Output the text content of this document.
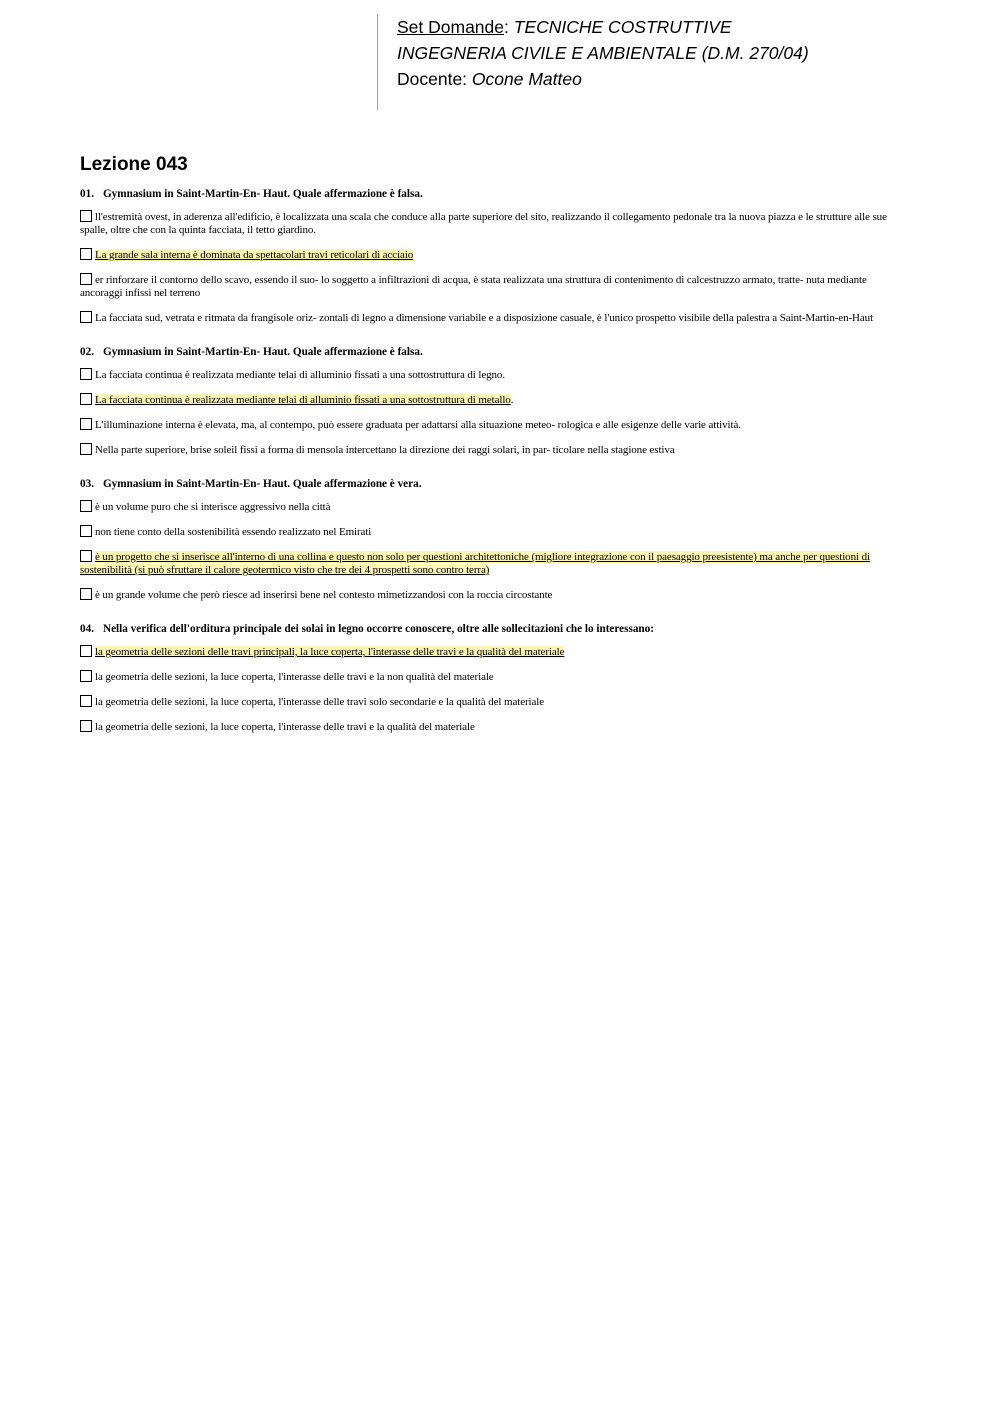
Set Domande: TECNICHE COSTRUTTIVE
INGEGNERIA CIVILE E AMBIENTALE (D.M. 270/04)
Docente: Ocone Matteo
Lezione 043
01. Gymnasium in Saint-Martin-En- Haut. Quale affermazione è falsa.
ll'estremità ovest, in aderenza all'edificio, è localizzata una scala che conduce alla parte superiore del sito, realizzando il collegamento pedonale tra la nuova piazza e le strutture alle sue spalle, oltre che con la quinta facciata, il tetto giardino.
La grande sala interna è dominata da spettacolari travi reticolari di acciaio
er rinforzare il contorno dello scavo, essendo il suo- lo soggetto a infiltrazioni di acqua, è stata realizzata una struttura di contenimento di calcestruzzo armato, tratte- nuta mediante ancoraggi infissi nel terreno
La facciata sud, vetrata e ritmata da frangisole oriz- zontali di legno a dimensione variabile e a disposizione casuale, è l'unico prospetto visibile della palestra a Saint-Martin-en-Haut
02. Gymnasium in Saint-Martin-En- Haut. Quale affermazione è falsa.
La facciata continua è realizzata mediante telai di alluminio fissati a una sottostruttura di legno.
La facciata continua è realizzata mediante telai di alluminio fissati a una sottostruttura di metallo.
L'illuminazione interna è elevata, ma, al contempo, può essere graduata per adattarsi alla situazione meteo- rologica e alle esigenze delle varie attività.
Nella parte superiore, brise soleil fissi a forma di mensola intercettano la direzione dei raggi solari, in par- ticolare nella stagione estiva
03. Gymnasium in Saint-Martin-En- Haut. Quale affermazione è vera.
è un volume puro che si interisce aggressivo nella città
non tiene conto della sostenibilità essendo realizzato nel Emirati
è un progetto che si inserisce all'interno di una collina e questo non solo per questioni architettoniche (migliore integrazione con il paesaggio preesistente) ma anche per questioni di sostenibilità (si può sfruttare il calore geotermico visto che tre dei 4 prospetti sono contro terra)
è un grande volume che però riesce ad inserirsi bene nel contesto mimetizzandosi con la roccia circostante
04. Nella verifica dell'orditura principale dei solai in legno occorre conoscere, oltre alle sollecitazioni che lo interessano:
la geometria delle sezioni delle travi principali, la luce coperta, l'interasse delle travi e la qualità del materiale
la geometria delle sezioni, la luce coperta, l'interasse delle travi e la non qualità del materiale
la geometria delle sezioni, la luce coperta, l'interasse delle travi solo secondarie e la qualità del materiale
la geometria delle sezioni, la luce coperta, l'interasse delle travi e la qualità del materiale
